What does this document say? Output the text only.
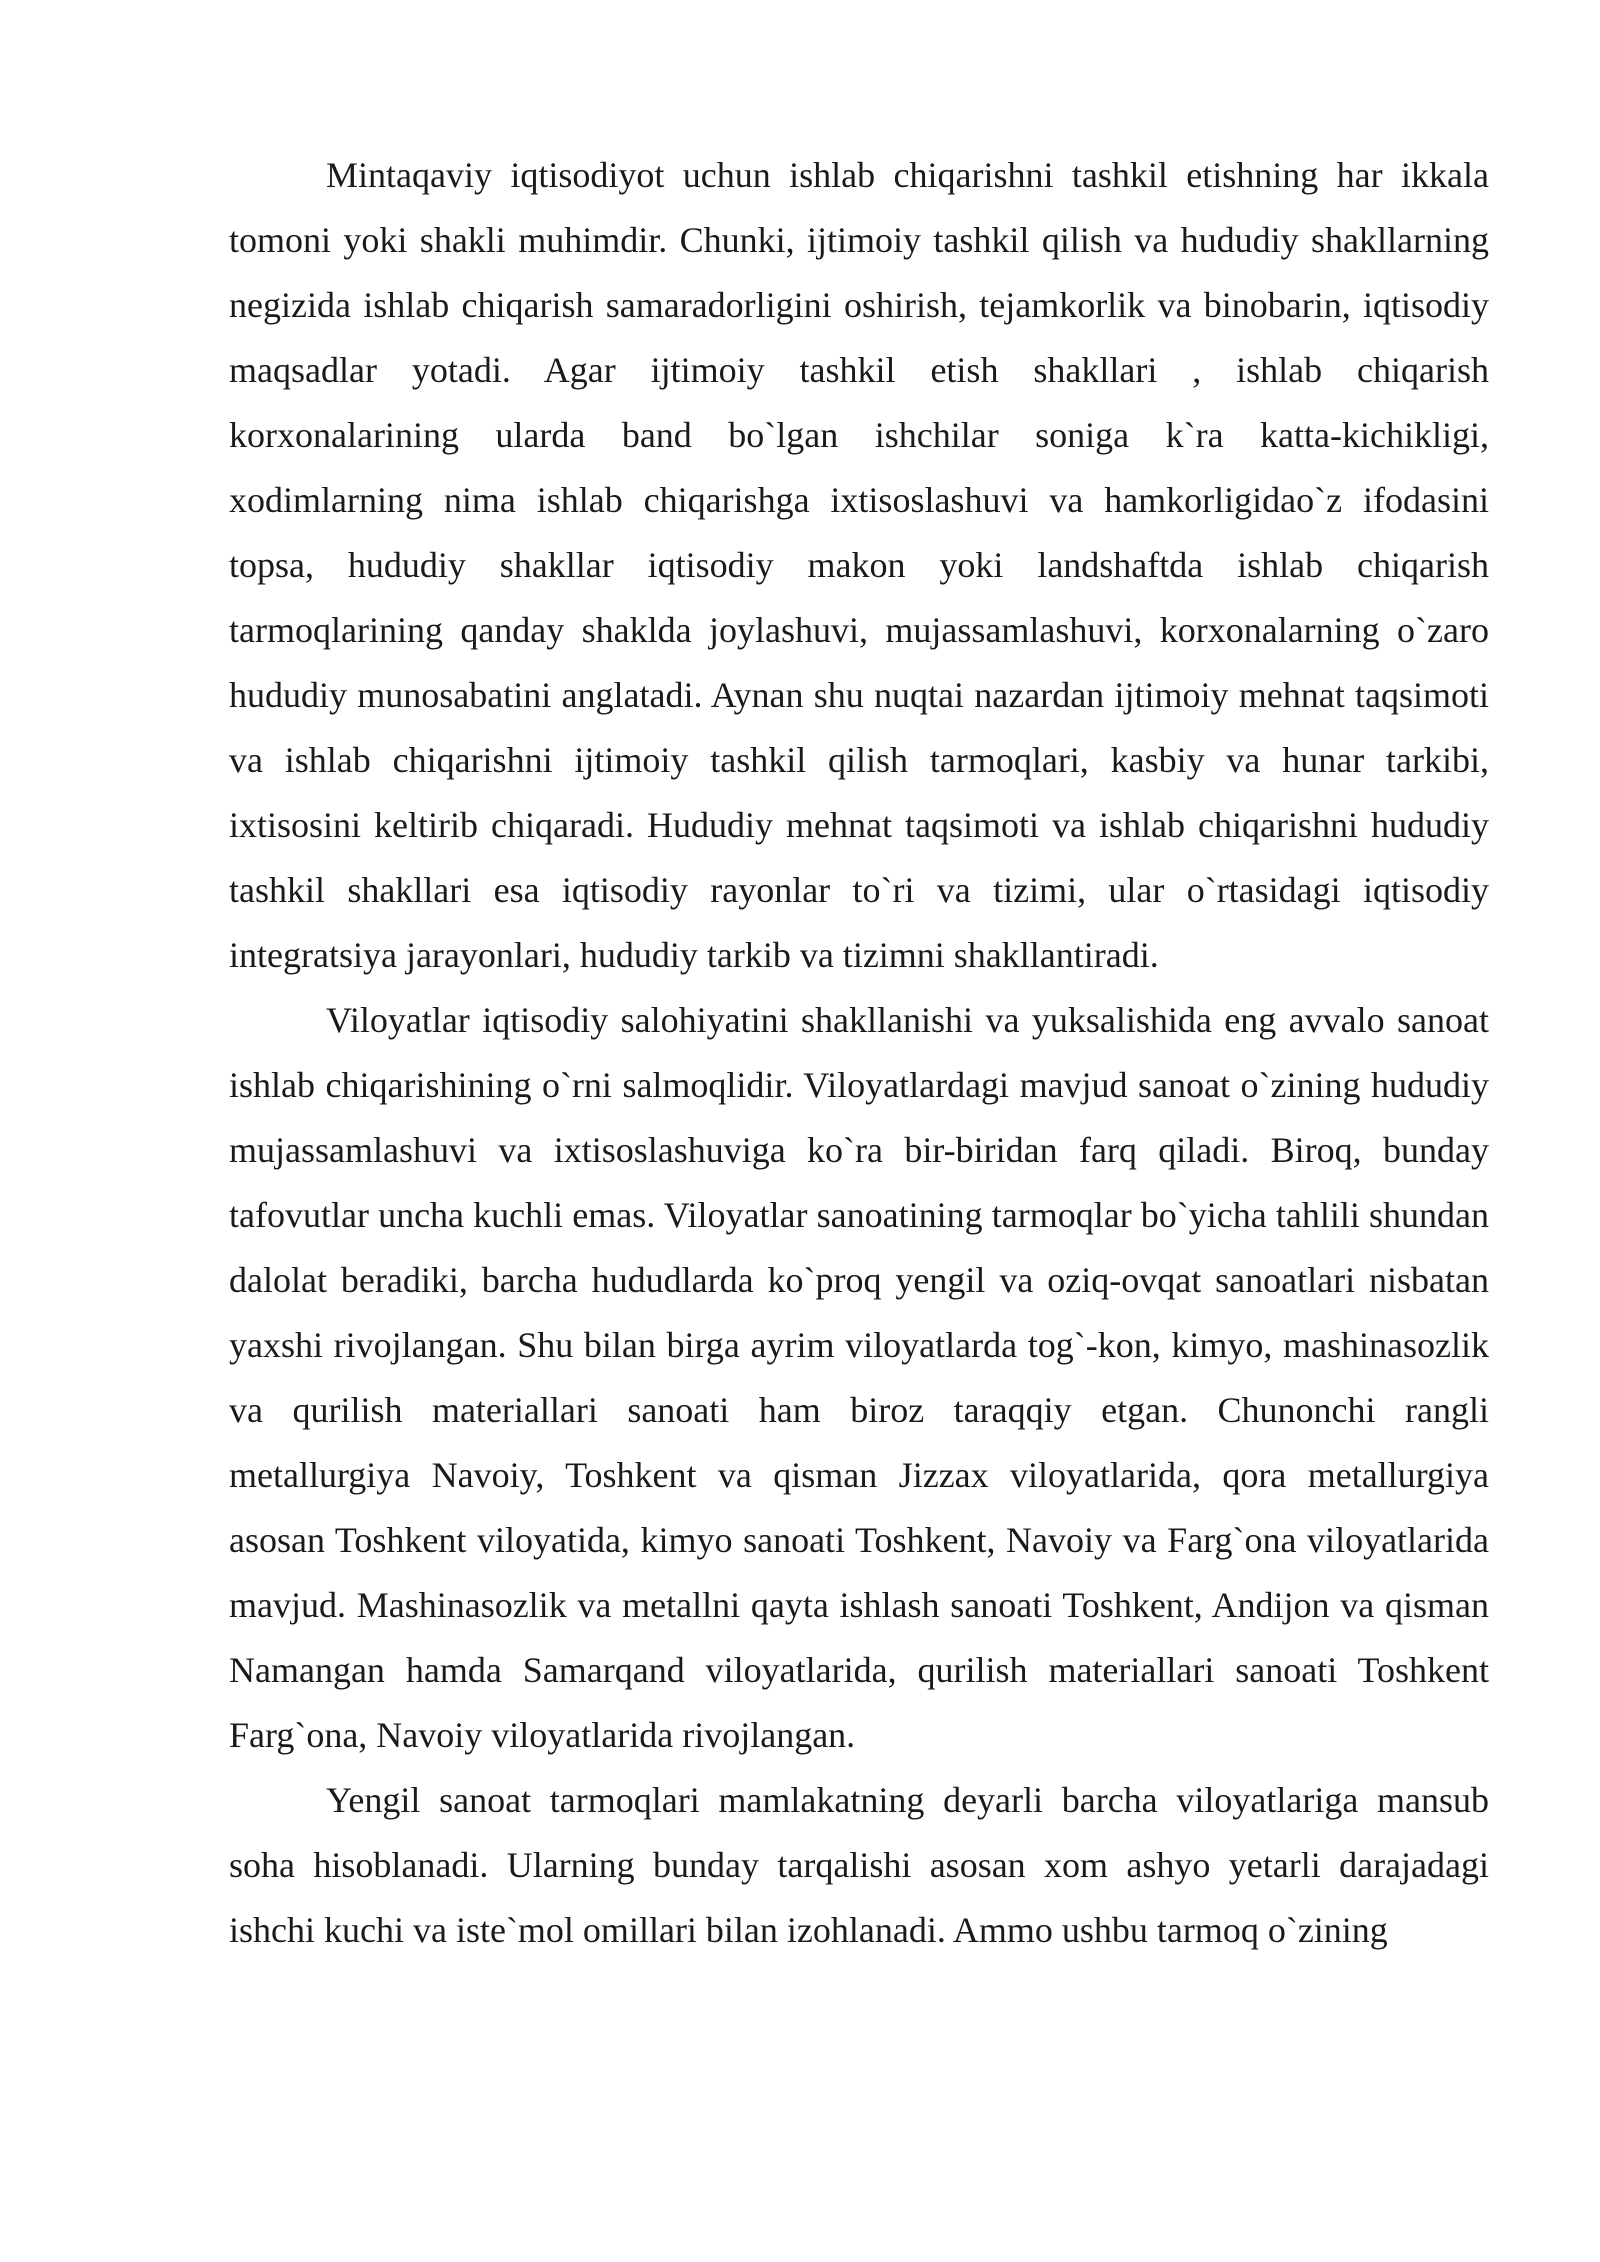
Mintaqaviy iqtisodiyot uchun ishlab chiqarishni tashkil etishning har ikkala tomoni yoki shakli muhimdir. Chunki, ijtimoiy tashkil qilish va hududiy shakllarning negizida ishlab chiqarish samaradorligini oshirish, tejamkorlik va binobarin, iqtisodiy maqsadlar yotadi. Agar ijtimoiy tashkil etish shakllari , ishlab chiqarish korxonalarining ularda band bo`lgan ishchilar soniga k`ra katta-kichikligi, xodimlarning nima ishlab chiqarishga ixtisoslashuvi va hamkorligidao`z ifodasini topsa, hududiy shakllar iqtisodiy makon yoki landshaftda ishlab chiqarish tarmoqlarining qanday shaklda joylashuvi, mujassamlashuvi, korxonalarning o`zaro hududiy munosabatini anglatadi. Aynan shu nuqtai nazardan ijtimoiy mehnat taqsimoti va ishlab chiqarishni ijtimoiy tashkil qilish tarmoqlari, kasbiy va hunar tarkibi, ixtisosini keltirib chiqaradi. Hududiy mehnat taqsimoti va ishlab chiqarishni hududiy tashkil shakllari esa iqtisodiy rayonlar to`ri va tizimi, ular o`rtasidagi iqtisodiy integratsiya jarayonlari, hududiy tarkib va tizimni shakllantiradi.

Viloyatlar iqtisodiy salohiyatini shakllanishi va yuksalishida eng avvalo sanoat ishlab chiqarishining o`rni salmoqlidir. Viloyatlardagi mavjud sanoat o`zining hududiy mujassamlashuvi va ixtisoslashuviga ko`ra bir-biridan farq qiladi. Biroq, bunday tafovutlar uncha kuchli emas. Viloyatlar sanoatining tarmoqlar bo`yicha tahlili shundan dalolat beradiki, barcha hududlarda ko`proq yengil va oziq-ovqat sanoatlari nisbatan yaxshi rivojlangan. Shu bilan birga ayrim viloyatlarda tog`-kon, kimyo, mashinasozlik va qurilish materiallari sanoati ham biroz taraqqiy etgan. Chunonchi rangli metallurgiya Navoiy, Toshkent va qisman Jizzax viloyatlarida, qora metallurgiya asosan Toshkent viloyatida, kimyo sanoati Toshkent, Navoiy va Farg`ona viloyatlarida mavjud. Mashinasozlik va metallni qayta ishlash sanoati Toshkent, Andijon va qisman Namangan hamda Samarqand viloyatlarida, qurilish materiallari sanoati Toshkent Farg`ona, Navoiy viloyatlarida rivojlangan.

Yengil sanoat tarmoqlari mamlakatning deyarli barcha viloyatlariga mansub soha hisoblanadi. Ularning bunday tarqalishi asosan xom ashyo yetarli darajadagi ishchi kuchi va iste`mol omillari bilan izohlanadi. Ammo ushbu tarmoq o`zining
